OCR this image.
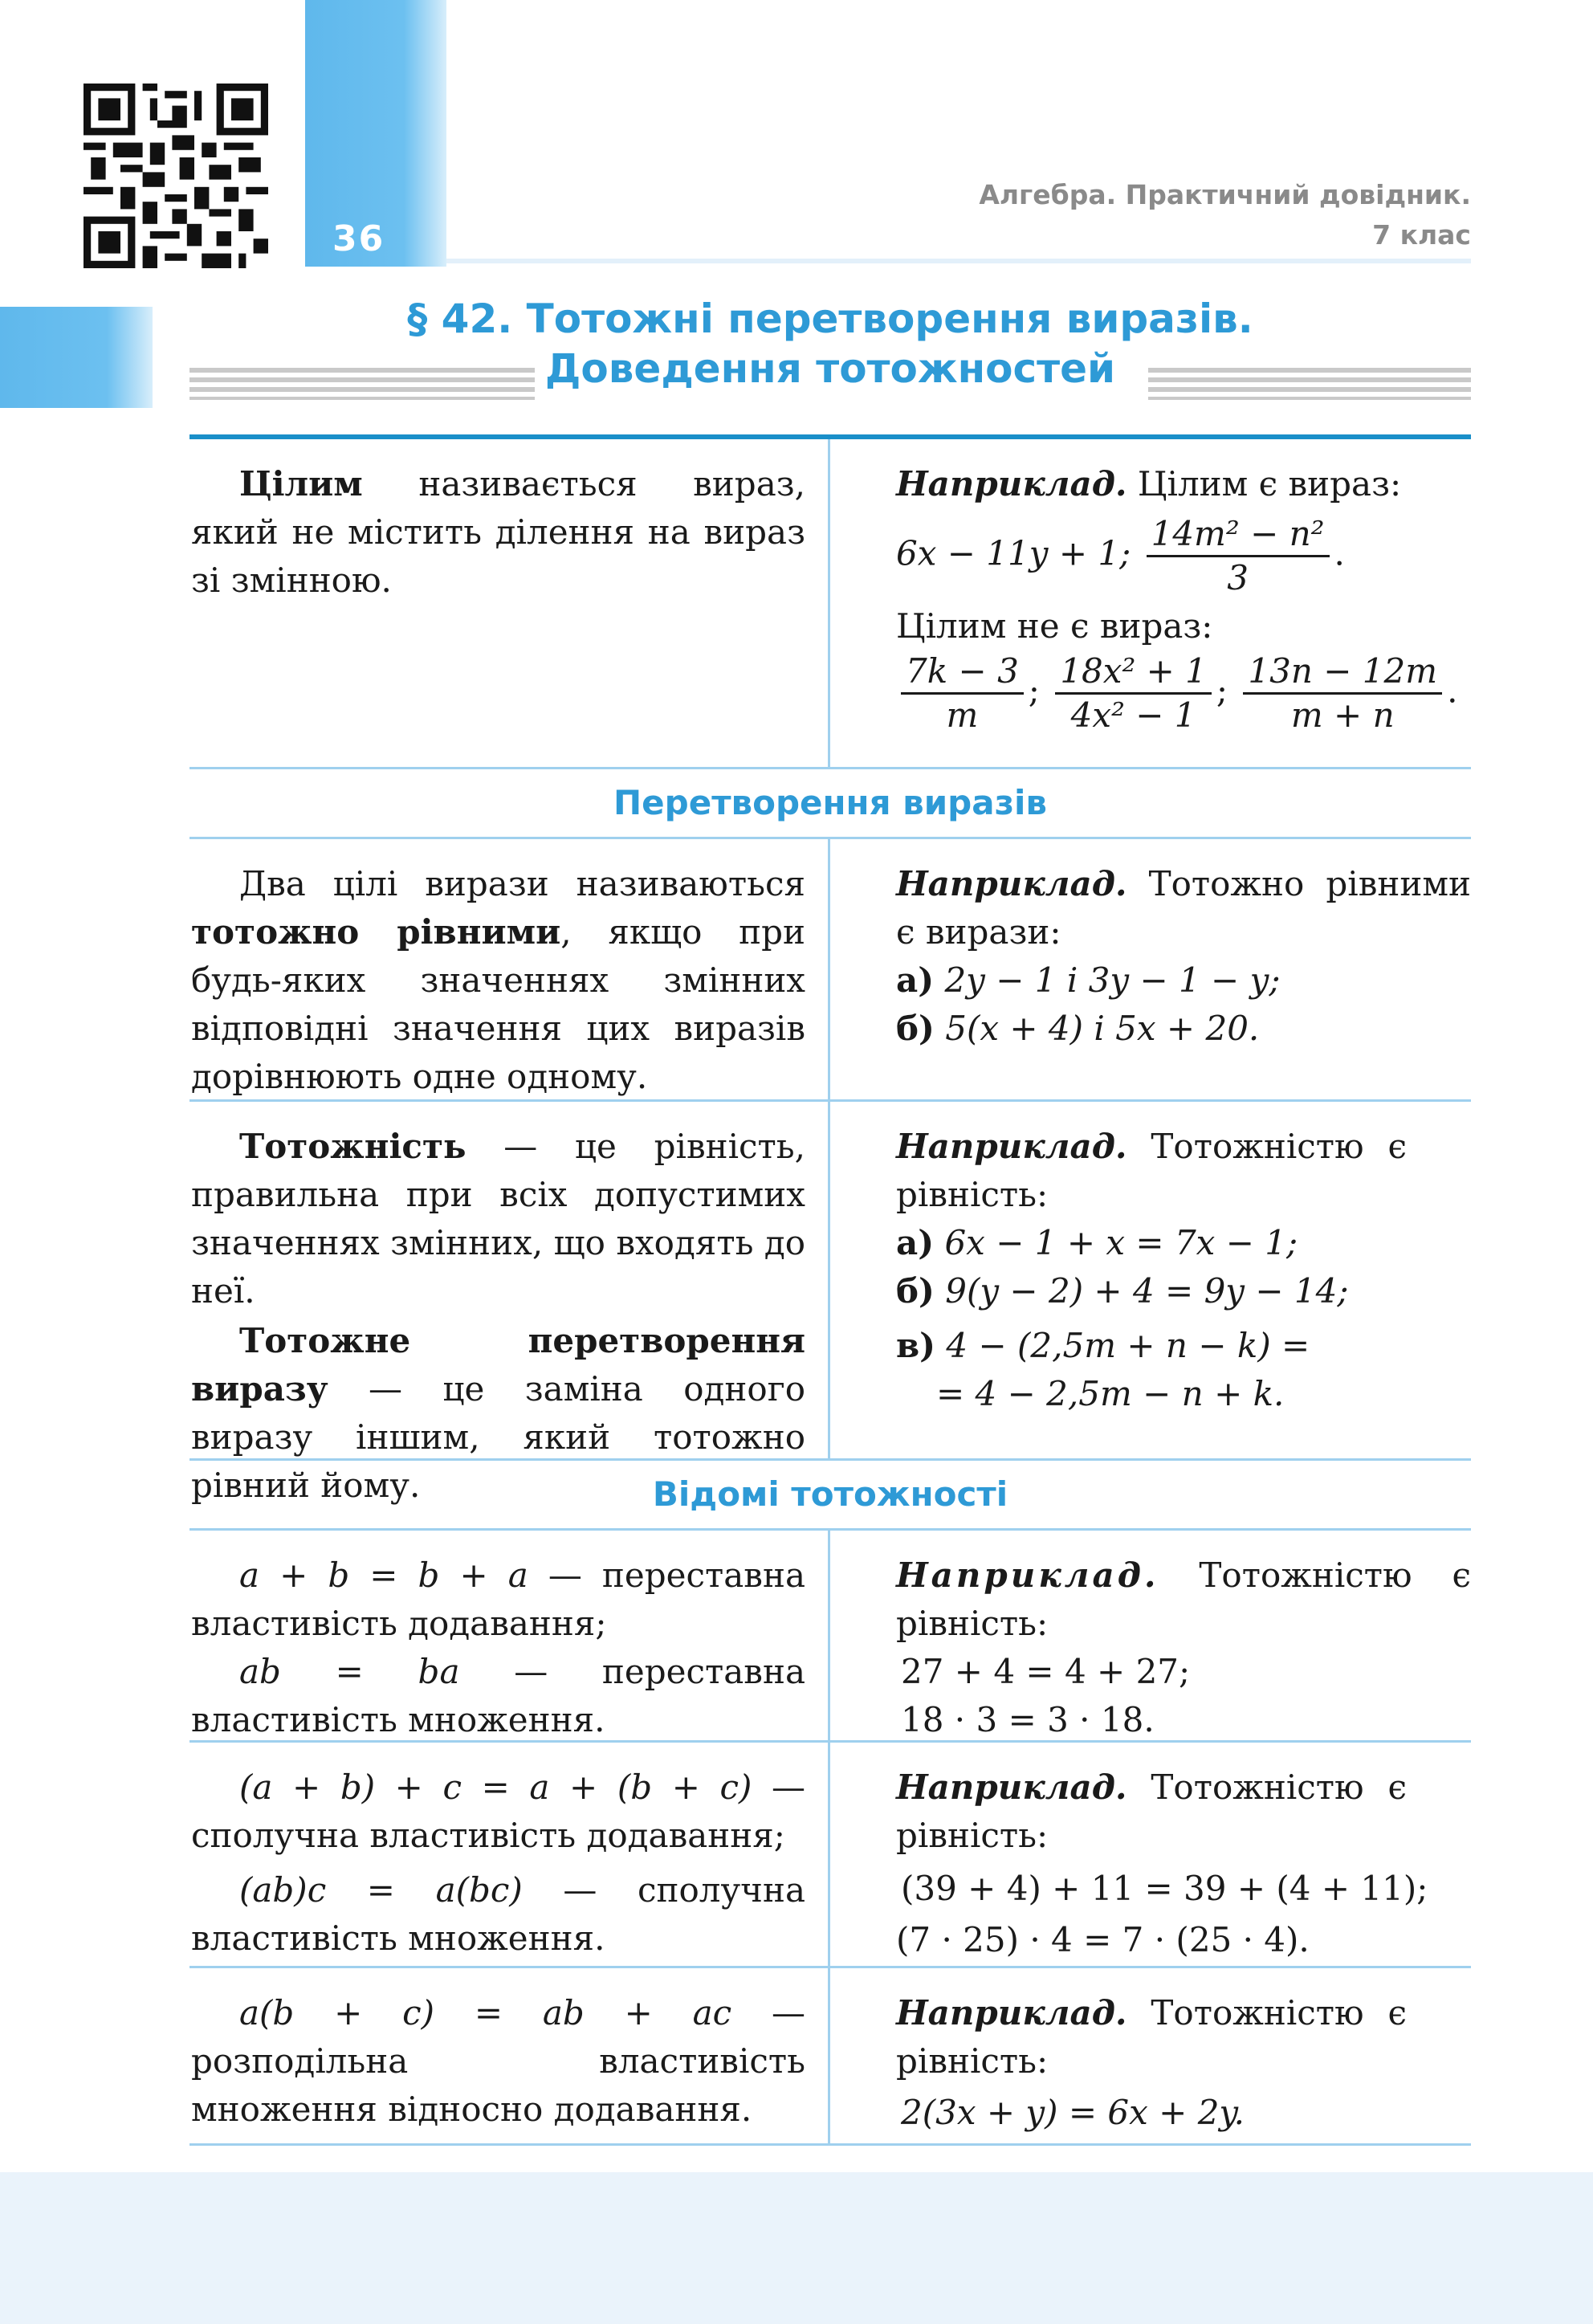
36
Алгебра. Практичний довідник.
7 клас
§ 42. Тотожні перетворення виразів.
Доведення тотожностей

Цілим називається вираз, який не містить ділення на вираз зі змінною.

Наприклад. Цілим є вираз:
6x − 11y + 1; $\frac{\text{14m² − n²}}{3}$ .
Цілим не є вираз:
$\frac{7k - 3}{m}$ ; $\frac{\text{18x² + 1}}{\text{4x² − 1}}$ ; $\frac{13n - 12m}{m + n}$ .
Перетворення виразів

Два цілі вирази називаються тотожно рівними, якщо при будь-яких значеннях змінних відповідні значення цих виразів дорівнюють одне одному.

Наприклад. Тотожно рівними є вирази:

а) 2y − 1 і 3y − 1 − y;
б) 5(x + 4) і 5x + 20.

Тотожність — це рівність, правильна при всіх допустимих значеннях змінних, що входять до неї.

Тотожне перетворення виразу — це заміна одного виразу іншим, який тотожно рівний йому.

Наприклад. Тотожністю є рівність:

а) 6x − 1 + x = 7x − 1;
б) 9(y − 2) + 4 = 9y − 14;
в) 4 − (2,5m + n − k) =
= 4 − 2,5m − n + k.
Відомі тотожності

a + b = b + a — переставна властивість додавання;

ab = ba — переставна властивість множення.

Наприклад. Тотожністю є рівність:

27 + 4 = 4 + 27;
18 · 3 = 3 · 18.

(a + b) + c = a + (b + c) — сполучна властивість додавання;

(ab)c = a(bc) — сполучна властивість множення.

Наприклад. Тотожністю є рівність:

(39 + 4) + 11 = 39 + (4 + 11);
(7 · 25) · 4 = 7 · (25 · 4).

a(b + c) = ab + ac — розподільна властивість множення відносно додавання.

Наприклад. Тотожністю є рівність:

2(3x + y) = 6x + 2y.
